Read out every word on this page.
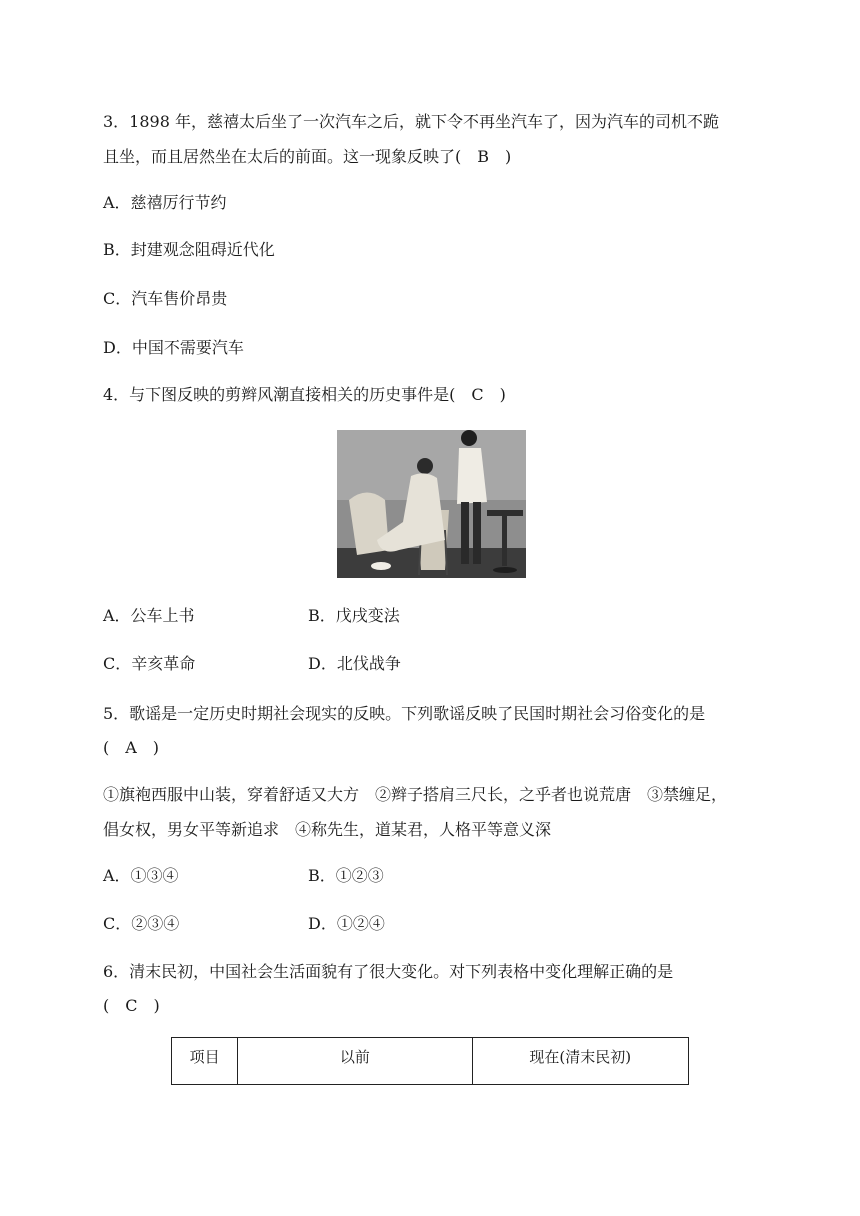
3．1898 年，慈禧太后坐了一次汽车之后，就下令不再坐汽车了，因为汽车的司机不跪
且坐，而且居然坐在太后的前面。这一现象反映了(　B　)
A．慈禧厉行节约
B．封建观念阻碍近代化
C．汽车售价昂贵
D．中国不需要汽车
4．与下图反映的剪辫风潮直接相关的历史事件是(　C　)
A．公车上书	B．戊戌变法
C．辛亥革命	D．北伐战争
5．歌谣是一定历史时期社会现实的反映。下列歌谣反映了民国时期社会习俗变化的是
(　A　)
①旗袍西服中山装，穿着舒适又大方　②辫子搭肩三尺长，之乎者也说荒唐　③禁缠足，
倡女权，男女平等新追求　④称先生，道某君，人格平等意义深
A．①③④	B．①②③
C．②③④	D．①②④
6．清末民初，中国社会生活面貌有了很大变化。对下列表格中变化理解正确的是
(　C　)
项目	以前	现在(清末民初)
